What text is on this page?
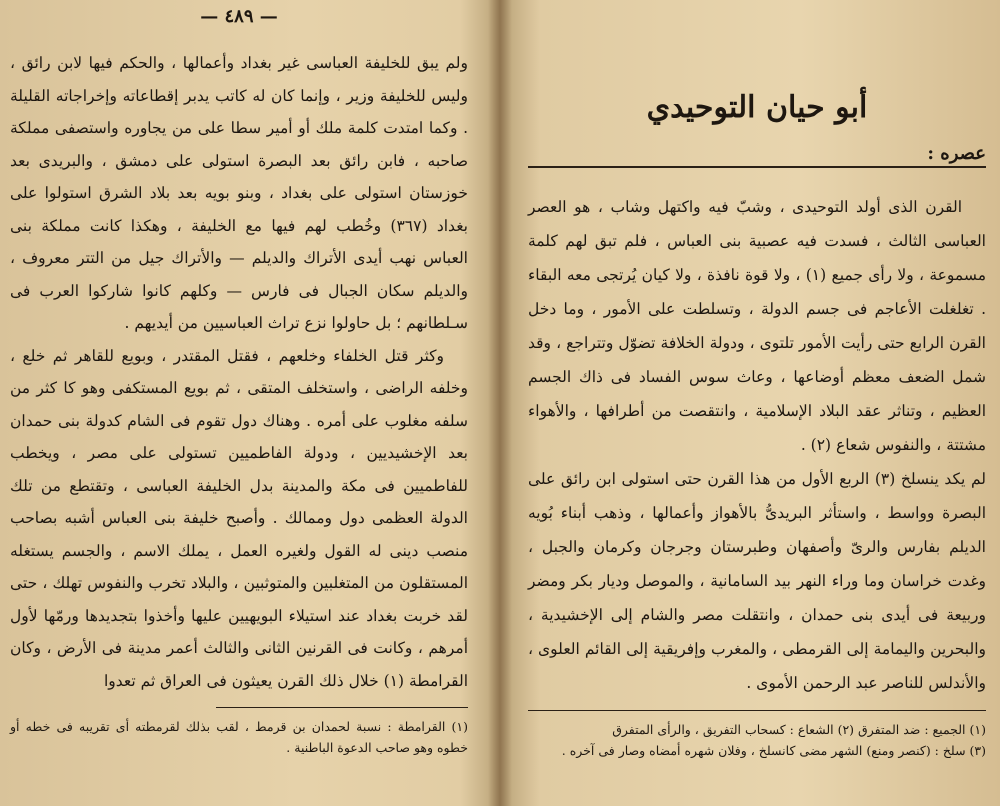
— ٤٨٩ —

ولم يبق للخليفة العباسى غير بغداد وأعمالها ، والحكم فيها لابن رائق ، وليس للخليفة وزير ، وإنما كان له كاتب يدبر إقطاعاته وإخراجاته القليلة . وكما امتدت كلمة ملك أو أمير سطا على من يجاوره واستصفى مملكة صاحبه ، فابن رائق بعد البصرة استولى على دمشق ، والبريدى بعد خوزستان استولى على بغداد ، وبنو بويه بعد بلاد الشرق استولوا على بغداد (٣٦٧) وخُطب لهم فيها مع الخليفة ، وهكذا كانت مملكة بنى العباس نهب أيدى الأتراك والديلم — والأتراك جيل من التتر معروف ، والديلم سكان الجبال فى فارس — وكلهم كانوا شاركوا العرب فى سـلطانهم ؛ بل حاولوا نزع تراث العباسيين من أيديهم .

وكثر قتل الخلفاء وخلعهم ، فقتل المقتدر ، وبويع للقاهر ثم خلع ، وخلفه الراضى ، واستخلف المتقى ، ثم بويع المستكفى وهو كا كثر من سلفه مغلوب على أمره . وهناك دول تقوم فى الشام كدولة بنى حمدان بعد الإخشيديين ، ودولة الفاطميين تستولى على مصر ، ويخطب للفاطميين فى مكة والمدينة بدل الخليفة العباسى ، وتقتطع من تلك الدولة العظمى دول وممالك . وأصبح خليفة بنى العباس أشبه بصاحب منصب دينى له القول ولغيره العمل ، يملك الاسم ، والجسم يستغله المستقلون من المتغلبين والمتوثبين ، والبلاد تخرب والنفوس تهلك ، حتى لقد خربت بغداد عند استيلاء البويهيين عليها وأخذوا بتجديدها ورمّها لأول أمرهم ، وكانت فى القرنين الثانى والثالث أعمر مدينة فى الأرض ، وكان القرامطة (١) خلال ذلك القرن يعيثون فى العراق ثم تعدوا

(١) القرامطة : نسبة لحمدان بن قرمط ، لقب بذلك لقرمطته أى تقريبه فى خطه أو خطوه وهو صاحب الدعوة الباطنية .

أبو حيان التوحيدي
عصره :

القرن الذى أولد التوحيدى ، وشبّ فيه واكتهل وشاب ، هو العصر العباسى الثالث ، فسدت فيه عصبية بنى العباس ، فلم تبق لهم كلمة مسموعة ، ولا رأى جميع (١) ، ولا قوة نافذة ، ولا كيان يُرتجى معه البقاء . تغلغلت الأعاجم فى جسم الدولة ، وتسلطت على الأمور ، وما دخل القرن الرابع حتى رأيت الأمور تلتوى ، ودولة الخلافة تضوّل وتتراجع ، وقد شمل الضعف معظم أوضاعها ، وعاث سوس الفساد فى ذاك الجسم العظيم ، وتناثر عقد البلاد الإسلامية ، وانتقصت من أطرافها ، والأهواء مشتتة ، والنفوس شعاع (٢) .

لم يكد ينسلخ (٣) الربع الأول من هذا القرن حتى استولى ابن رائق على البصرة وواسط ، واستأثر البريدىُّ بالأهواز وأعمالها ، وذهب أبناء بُويه الديلم بفارس والرىّ وأصفهان وطبرستان وجرجان وكرمان والجبل ، وغدت خراسان وما وراء النهر بيد السامانية ، والموصل وديار بكر ومضر وربيعة فى أيدى بنى حمدان ، وانتقلت مصر والشام إلى الإخشيدية ، والبحرين واليمامة إلى القرمطى ، والمغرب وإفريقية إلى القائم العلوى ، والأندلس للناصر عبد الرحمن الأموى .

(١) الجميع : ضد المتفرق (٢) الشعاع : كسحاب التفريق ، والرأى المتفرق

(٣) سلخ : (كنصر ومنع) الشهر مضى كانسلخ ، وفلان شهره أمضاه وصار فى آخره .
